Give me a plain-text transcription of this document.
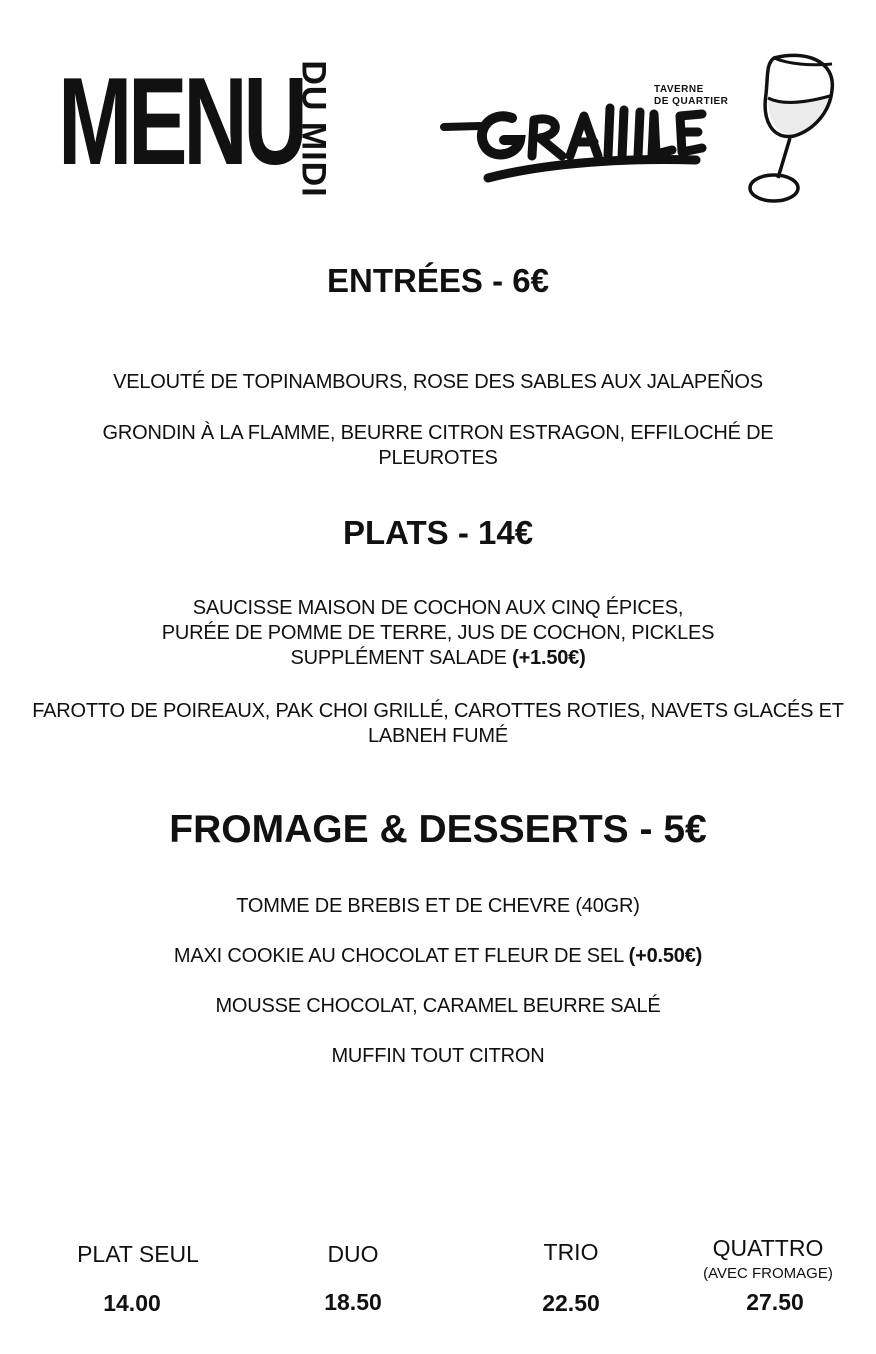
MENU
DU MIDI	TAVERNE
DE QUARTIER
ENTRÉES - 6€
VELOUTÉ DE TOPINAMBOURS, ROSE DES SABLES AUX JALAPEÑOS
GRONDIN À LA FLAMME, BEURRE CITRON ESTRAGON, EFFILOCHÉ DE
PLEUROTES
PLATS - 14€
SAUCISSE MAISON DE COCHON AUX CINQ ÉPICES,
PURÉE DE POMME DE TERRE, JUS DE COCHON, PICKLES
SUPPLÉMENT SALADE (+1.50€)
FAROTTO DE POIREAUX, PAK CHOI GRILLÉ, CAROTTES ROTIES, NAVETS GLACÉS ET
LABNEH FUMÉ
FROMAGE & DESSERTS - 5€
TOMME DE BREBIS ET DE CHEVRE (40GR)
MAXI COOKIE AU CHOCOLAT ET FLEUR DE SEL (+0.50€)
MOUSSE CHOCOLAT, CARAMEL BEURRE SALÉ
MUFFIN TOUT CITRON
PLAT SEUL
14.00
DUO
18.50
TRIO
22.50
QUATTRO
(AVEC FROMAGE)
27.50
